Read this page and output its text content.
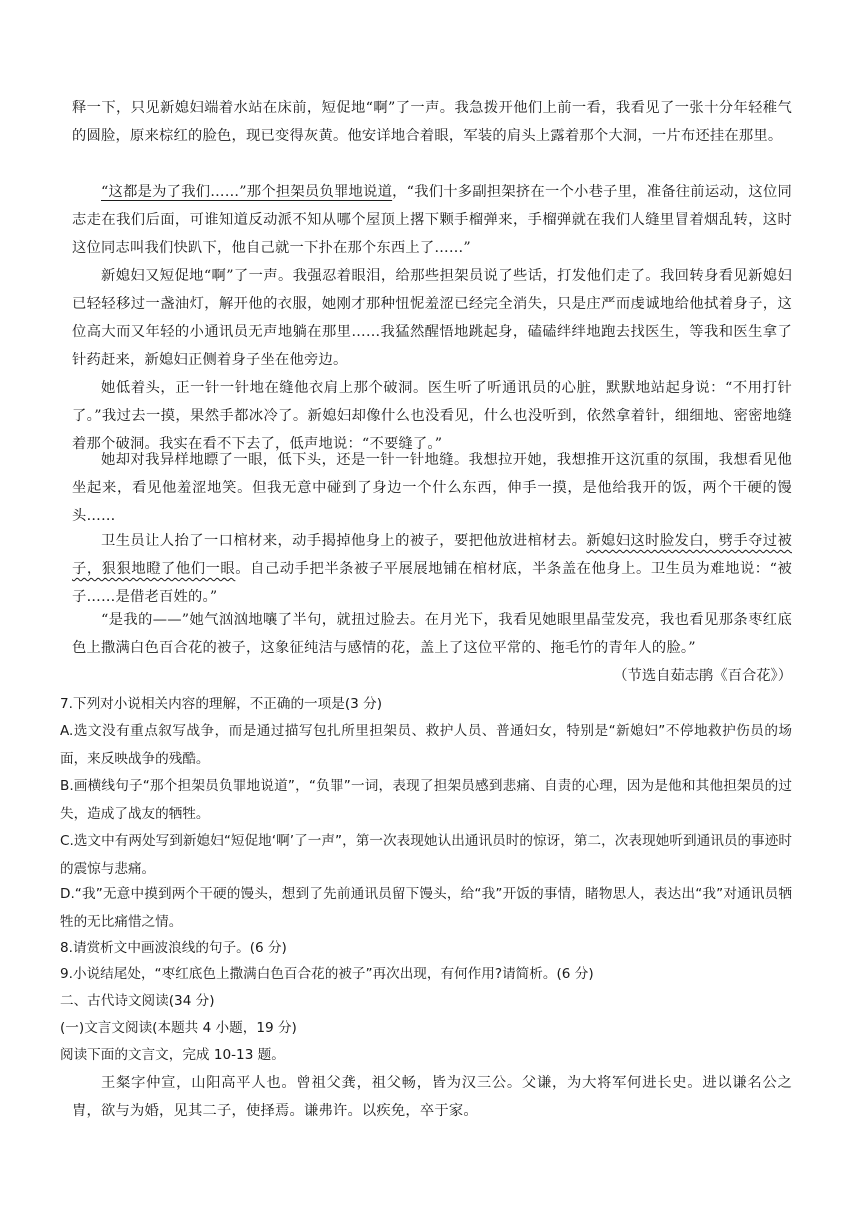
释一下，只见新媳妇端着水站在床前，短促地“啊”了一声。我急拨开他们上前一看，我看见了一张十分年轻稚气的圆脸，原来棕红的脸色，现已变得灰黄。他安详地合着眼，军装的肩头上露着那个大洞，一片布还挂在那里。

“这都是为了我们……”那个担架员负罪地说道，“我们十多副担架挤在一个小巷子里，准备往前运动，这位同志走在我们后面，可谁知道反动派不知从哪个屋顶上撂下颗手榴弹来，手榴弹就在我们人缝里冒着烟乱转，这时这位同志叫我们快趴下，他自己就一下扑在那个东西上了……”

新媳妇又短促地“啊”了一声。我强忍着眼泪，给那些担架员说了些话，打发他们走了。我回转身看见新媳妇已轻轻移过一盏油灯，解开他的衣服，她刚才那种忸怩羞涩已经完全消失，只是庄严而虔诚地给他拭着身子，这位高大而又年轻的小通讯员无声地躺在那里……我猛然醒悟地跳起身，磕磕绊绊地跑去找医生，等我和医生拿了针药赶来，新媳妇正侧着身子坐在他旁边。

她低着头，正一针一针地在缝他衣肩上那个破洞。医生听了听通讯员的心脏，默默地站起身说：“不用打针了。”我过去一摸，果然手都冰冷了。新媳妇却像什么也没看见，什么也没听到，依然拿着针，细细地、密密地缝着那个破洞。我实在看不下去了，低声地说：“不要缝了。”

她却对我异样地瞟了一眼，低下头，还是一针一针地缝。我想拉开她，我想推开这沉重的氛围，我想看见他坐起来，看见他羞涩地笑。但我无意中碰到了身边一个什么东西，伸手一摸，是他给我开的饭，两个干硬的馒头……

卫生员让人抬了一口棺材来，动手揭掉他身上的被子，要把他放进棺材去。新媳妇这时脸发白，劈手夺过被子，狠狠地瞪了他们一眼。自己动手把半条被子平展展地铺在棺材底，半条盖在他身上。卫生员为难地说：“被子……是借老百姓的。”

“是我的——”她气汹汹地嚷了半句，就扭过脸去。在月光下，我看见她眼里晶莹发亮，我也看见那条枣红底色上撒满白色百合花的被子，这象征纯洁与感情的花，盖上了这位平常的、拖毛竹的青年人的脸。”

（节选自茹志鹃《百合花》）

7.下列对小说相关内容的理解，不正确的一项是(3 分)

A.选文没有重点叙写战争，而是通过描写包扎所里担架员、救护人员、普通妇女，特别是“新媳妇”不停地救护伤员的场面，来反映战争的残酷。

B.画横线句子“那个担架员负罪地说道”，“负罪”一词，表现了担架员感到悲痛、自责的心理，因为是他和其他担架员的过失，造成了战友的牺牲。

C.选文中有两处写到新媳妇“短促地‘啊’了一声”，第一次表现她认出通讯员时的惊讶，第二，次表现她听到通讯员的事迹时的震惊与悲痛。

D.“我”无意中摸到两个干硬的馒头，想到了先前通讯员留下馒头，给“我”开饭的事情，睹物思人，表达出“我”对通讯员牺牲的无比痛惜之情。

8.请赏析文中画波浪线的句子。(6 分)

9.小说结尾处，“枣红底色上撒满白色百合花的被子”再次出现，有何作用?请简析。(6 分)

二、古代诗文阅读(34 分)

(一)文言文阅读(本题共 4 小题，19 分)

阅读下面的文言文，完成 10-13 题。

王粲字仲宣，山阳高平人也。曾祖父龚，祖父畅，皆为汉三公。父谦，为大将军何进长史。进以谦名公之胄，欲与为婚，见其二子，使择焉。谦弗许。以疾免，卒于家。
